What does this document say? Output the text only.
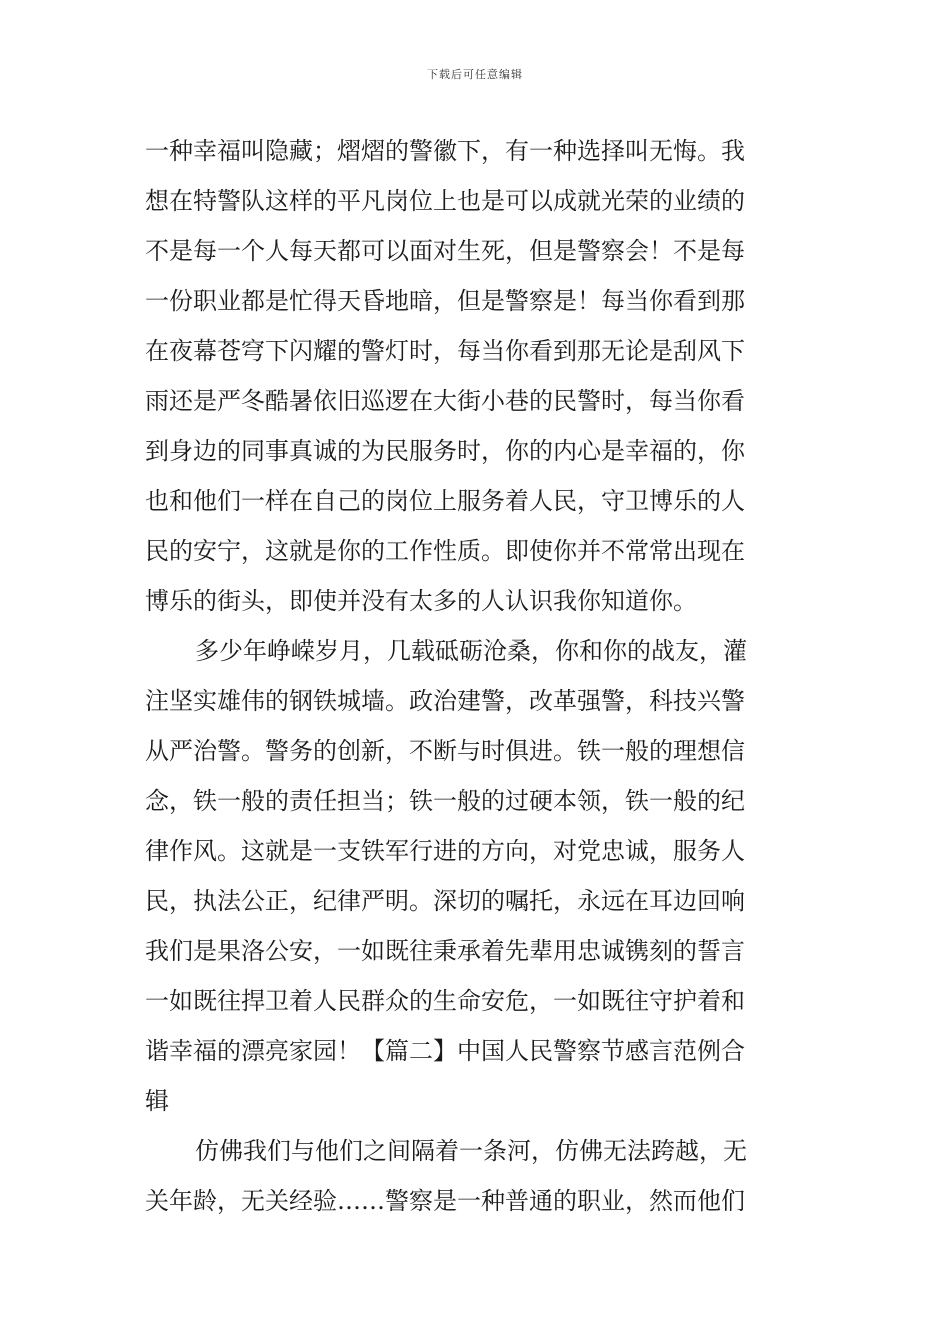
下载后可任意编辑
一种幸福叫隐藏；熠熠的警徽下，有一种选择叫无悔。我
想在特警队这样的平凡岗位上也是可以成就光荣的业绩的
不是每一个人每天都可以面对生死，但是警察会！不是每
一份职业都是忙得天昏地暗，但是警察是！每当你看到那
在夜幕苍穹下闪耀的警灯时，每当你看到那无论是刮风下
雨还是严冬酷暑依旧巡逻在大街小巷的民警时，每当你看
到身边的同事真诚的为民服务时，你的内心是幸福的，你
也和他们一样在自己的岗位上服务着人民，守卫博乐的人
民的安宁，这就是你的工作性质。即使你并不常常出现在
博乐的街头，即使并没有太多的人认识我你知道你。
多少年峥嵘岁月，几载砥砺沧桑，你和你的战友，灌
注坚实雄伟的钢铁城墙。政治建警，改革强警，科技兴警
从严治警。警务的创新，不断与时俱进。铁一般的理想信
念，铁一般的责任担当；铁一般的过硬本领，铁一般的纪
律作风。这就是一支铁军行进的方向，对党忠诚，服务人
民，执法公正，纪律严明。深切的嘱托，永远在耳边回响
我们是果洛公安，一如既往秉承着先辈用忠诚镌刻的誓言
一如既往捍卫着人民群众的生命安危，一如既往守护着和
谐幸福的漂亮家园！【篇二】中国人民警察节感言范例合
辑
仿佛我们与他们之间隔着一条河，仿佛无法跨越，无
关年龄，无关经验……警察是一种普通的职业，然而他们
